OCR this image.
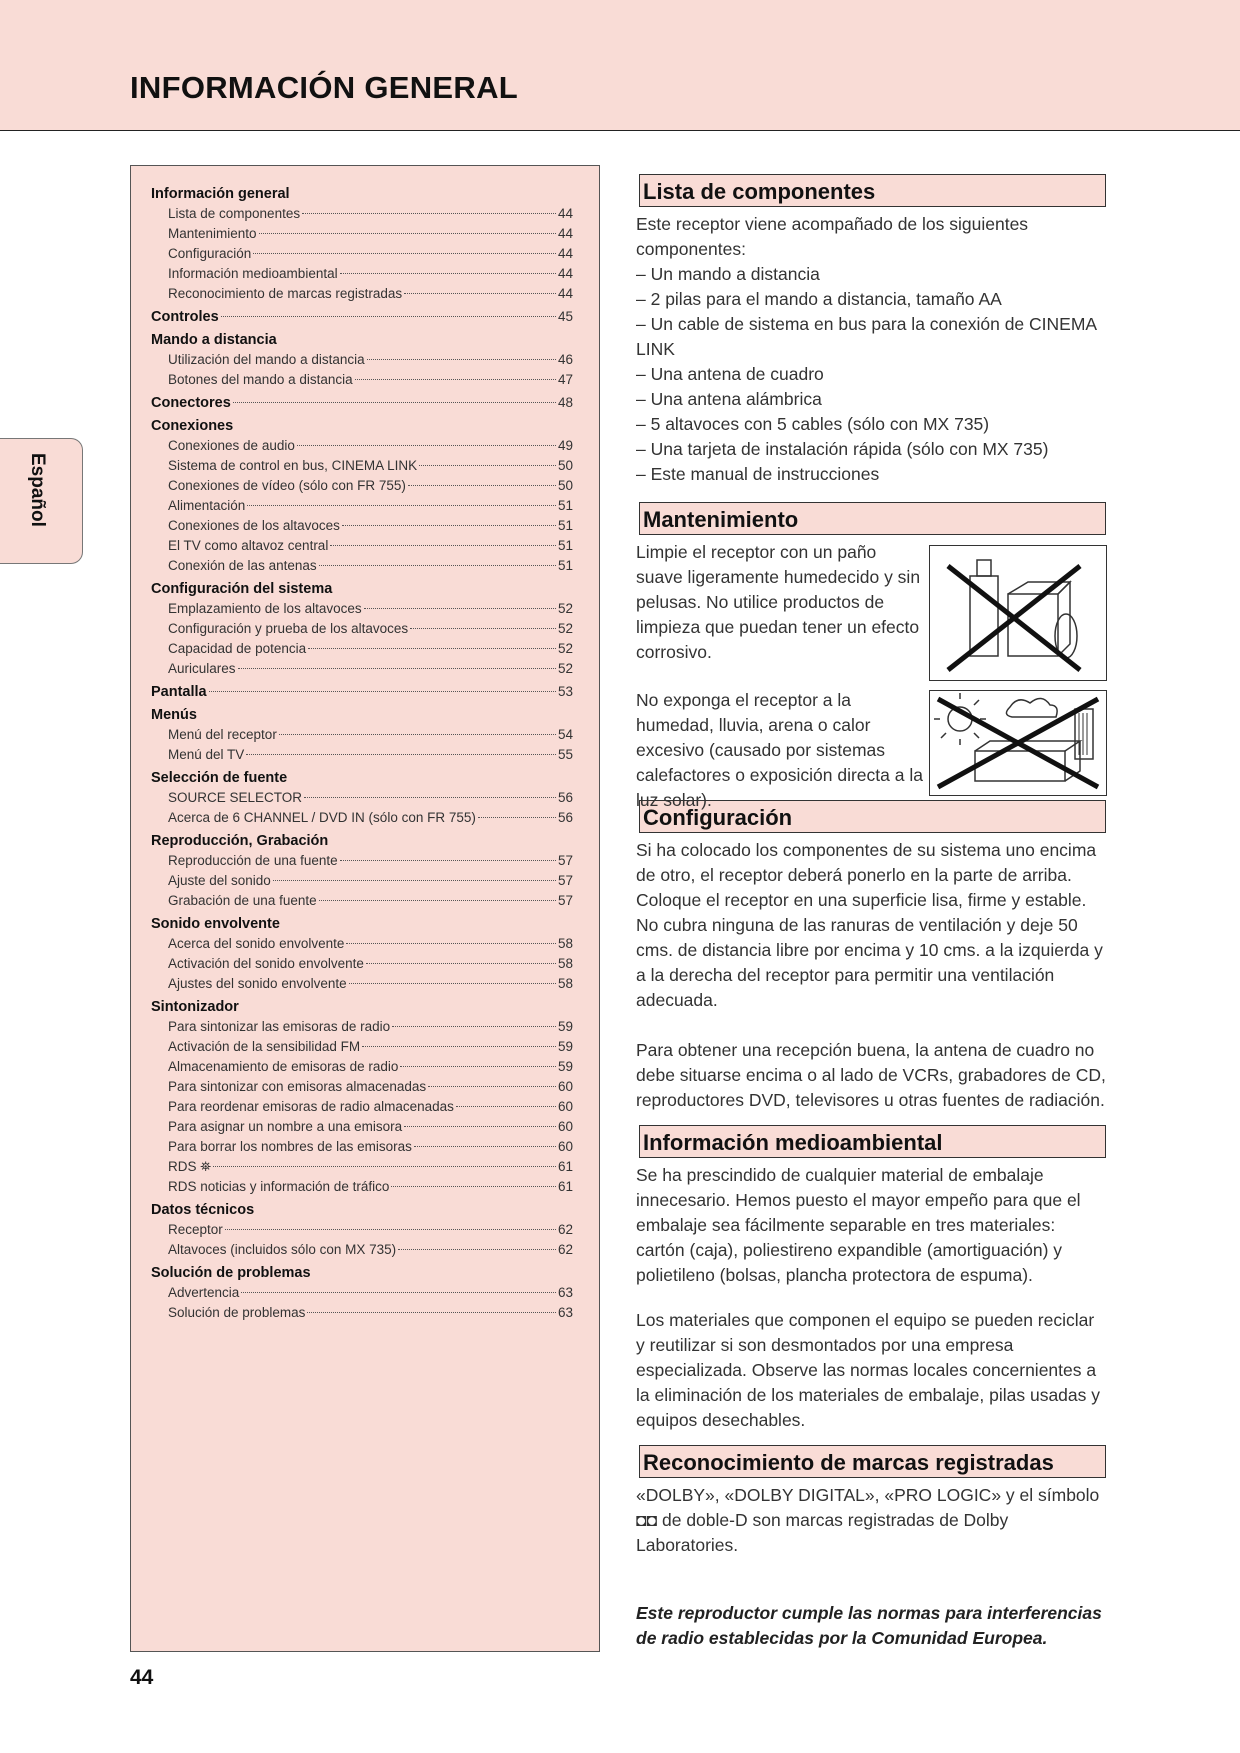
INFORMACIÓN GENERAL
Español
Información general
Lista de componentes	44
Mantenimiento	44
Configuración	44
Información medioambiental	44
Reconocimiento de marcas registradas	44
Controles	45
Mando a distancia
Utilización del mando a distancia	46
Botones del mando a distancia	47
Conectores	48
Conexiones
Conexiones de audio	49
Sistema de control en bus, CINEMA LINK	50
Conexiones de vídeo (sólo con FR 755)	50
Alimentación	51
Conexiones de los altavoces	51
El TV como altavoz central	51
Conexión de las antenas	51
Configuración del sistema
Emplazamiento de los altavoces	52
Configuración y prueba de los altavoces	52
Capacidad de potencia	52
Auriculares	52
Pantalla	53
Menús
Menú del receptor	54
Menú del TV	55
Selección de fuente
SOURCE SELECTOR	56
Acerca de 6 CHANNEL / DVD IN (sólo con FR 755)	56
Reproducción, Grabación
Reproducción de una fuente	57
Ajuste del sonido	57
Grabación de una fuente	57
Sonido envolvente
Acerca del sonido envolvente	58
Activación del sonido envolvente	58
Ajustes del sonido envolvente	58
Sintonizador
Para sintonizar las emisoras de radio	59
Activación de la sensibilidad FM	59
Almacenamiento de emisoras de radio	59
Para sintonizar con emisoras almacenadas	60
Para reordenar emisoras de radio almacenadas	60
Para asignar un nombre a una emisora	60
Para borrar los nombres de las emisoras	60
RDS ⛯	61
RDS noticias y información de tráfico	61
Datos técnicos
Receptor	62
Altavoces (incluidos sólo con MX 735)	62
Solución de problemas
Advertencia	63
Solución de problemas	63
Lista de componentes

Este receptor viene acompañado de los siguientes componentes:

– Un mando a distancia

– 2 pilas para el mando a distancia, tamaño AA

– Un cable de sistema en bus para la conexión de CINEMA LINK

– Una antena de cuadro

– Una antena alámbrica

– 5 altavoces con 5 cables (sólo con MX 735)

– Una tarjeta de instalación rápida (sólo con MX 735)

– Este manual de instrucciones

Mantenimiento

Limpie el receptor con un paño suave ligeramente humedecido y sin pelusas. No utilice productos de limpieza que puedan tener un efecto corrosivo.

No exponga el receptor a la humedad, lluvia, arena o calor excesivo (causado por sistemas calefactores o exposición directa a la luz solar).

Configuración

Si ha colocado los componentes de su sistema uno encima de otro, el receptor deberá ponerlo en la parte de arriba. Coloque el receptor en una superficie lisa, firme y estable. No cubra ninguna de las ranuras de ventilación y deje 50 cms. de distancia libre por encima y 10 cms. a la izquierda y a la derecha del receptor para permitir una ventilación adecuada.

Para obtener una recepción buena, la antena de cuadro no debe situarse encima o al lado de VCRs, grabadores de CD, reproductores DVD, televisores u otras fuentes de radiación.

Información medioambiental

Se ha prescindido de cualquier material de embalaje innecesario. Hemos puesto el mayor empeño para que el embalaje sea fácilmente separable en tres materiales: cartón (caja), poliestireno expandible (amortiguación) y polietileno (bolsas, plancha protectora de espuma).

Los materiales que componen el equipo se pueden reciclar y reutilizar si son desmontados por una empresa especializada. Observe las normas locales concernientes a la eliminación de los materiales de embalaje, pilas usadas y equipos desechables.

Reconocimiento de marcas registradas

«DOLBY», «DOLBY DIGITAL», «PRO LOGIC» y el símbolo ◘◘ de doble-D son marcas registradas de Dolby Laboratories.

Este reproductor cumple las normas para interferencias de radio establecidas por la Comunidad Europea.
44
